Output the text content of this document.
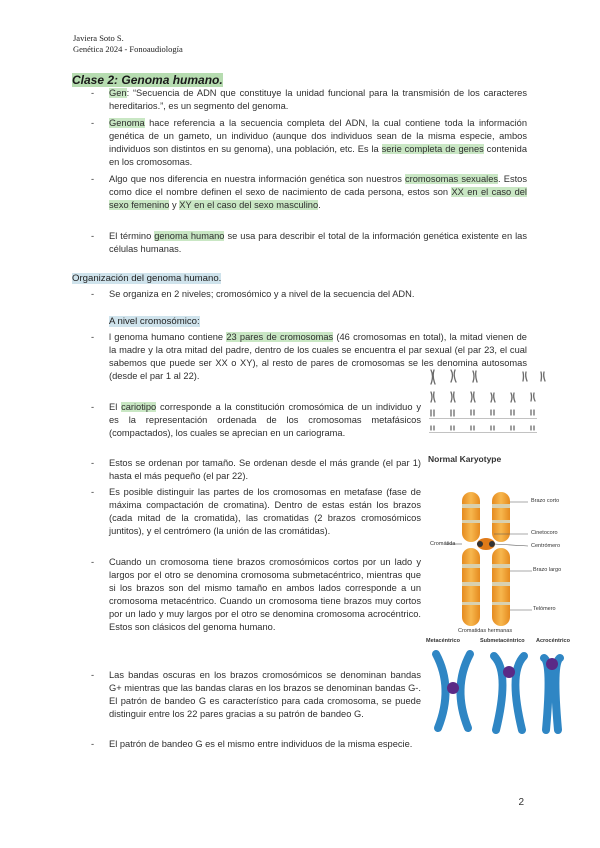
Javiera Soto S.
Genética 2024 - Fonoaudiología
Clase 2: Genoma humano.
- Gen: “Secuencia de ADN que constituye la unidad funcional para la transmisión de los caracteres hereditarios.”, es un segmento del genoma.
- Genoma hace referencia a la secuencia completa del ADN, la cual contiene toda la información genética de un gameto, un individuo (aunque dos individuos sean de la misma especie, ambos individuos son distintos en su genoma), una población, etc. Es la serie completa de genes contenida en los cromosomas.
- Algo que nos diferencia en nuestra información genética son nuestros cromosomas sexuales. Estos como dice el nombre definen el sexo de nacimiento de cada persona, estos son XX en el caso del sexo femenino y XY en el caso del sexo masculino.
- El término genoma humano se usa para describir el total de la información genética existente en las células humanas.
Organización del genoma humano.
- Se organiza en 2 niveles; cromosómico y a nivel de la secuencia del ADN.
A nivel cromosómico:
- l genoma humano contiene 23 pares de cromosomas (46 cromosomas en total), la mitad vienen de la madre y la otra mitad del padre, dentro de los cuales se encuentra el par sexual (el par 23, el cual sabemos que puede ser XX o XY), al resto de pares de cromosomas se les denomina autosomas (desde el par 1 al 22).
- El cariotipo corresponde a la constitución cromosómica de un individuo y es la representación ordenada de los cromosomas metafásicos (compactados), los cuales se aprecian en un cariograma.
- Estos se ordenan por tamaño. Se ordenan desde el más grande (el par 1) hasta el más pequeño (el par 22).
- Es posible distinguir las partes de los cromosomas en metafase (fase de máxima compactación de cromatina). Dentro de estas están los brazos (cada mitad de la cromatida), las cromatidas (2 brazos cromosómicos juntitos), y el centrómero (la unión de las cromátidas).
- Cuando un cromosoma tiene brazos cromosómicos cortos por un lado y largos por el otro se denomina cromosoma submetacéntrico, mientras que si los brazos son del mismo tamaño en ambos lados corresponde a un cromosoma metacéntrico. Cuando un cromosoma tiene brazos muy cortos por un lado y muy largos por el otro se denomina cromosoma acrocéntrico. Estos son clásicos del genoma humano.
- Las bandas oscuras en los brazos cromosómicos se denominan bandas G+ mientras que las bandas claras en los brazos se denominan bandas G-. El patrón de bandeo G es característico para cada cromosoma, se puede distinguir entre los 22 pares gracias a su patrón de bandeo G.
- El patrón de bandeo G es el mismo entre individuos de la misma especie.
Normal Karyotype
Brazo corto
Cinetocoro
Centrómero
Brazo largo
Cromátida
Telómero
Cromatidas hermanas
Metacéntrico	Submetacéntrico Acrocéntrico
2
